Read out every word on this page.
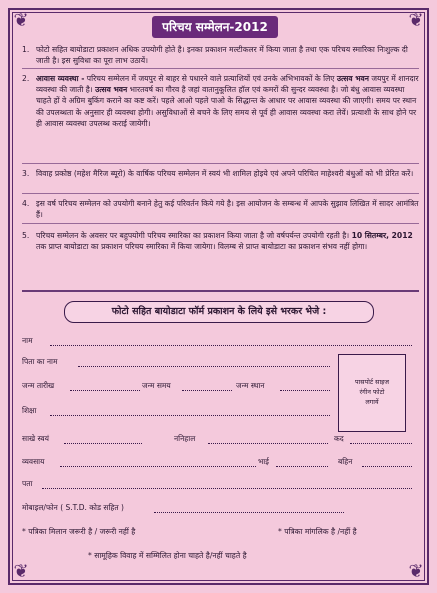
❦	❦
❦	❦
परिचय सम्मेलन-2012
1. फोटो सहित बायोडाटा प्रकाशन अधिक उपयोगी होते है। इनका प्रकाशन मल्टीकलर में किया जाता है तथा एक परिचय स्मारिका निःशुल्क दी जाती है। इस सुविधा का पूरा लाभ उठायें।
2. आवास व्यवस्था - परिचय सम्मेलन में जयपुर से बाहर से पधारने वाले प्रत्याशियों एवं उनके अभिभावकों के लिए उत्सव भवन जयपुर में शानदार व्यवस्था की जाती है। उत्सव भवन भारतवर्ष का गौरव है जहां वातानुकूलित हॉल एवं कमरों की सुन्दर व्यवस्था है। जो बंधु आवास व्यवस्था चाहते हों वे अग्रिम बुकिंग कराने का कष्ट करें। पहले आओ पहले पाओ के सिद्धान्त के आधार पर आवास व्यवस्था की जाएगी। समय पर स्थान की उपलब्धता के अनुसार ही व्यवस्था होगी। असुविधाओं से बचने के लिए समय से पूर्व ही आवास व्यवस्था करा लेवें। प्रत्याशी के साथ होने पर ही आवास व्यवस्था उपलब्ध कराई जायेगी।
3. विवाह प्रकोष्ठ (महेश मैरिज ब्यूरो) के वार्षिक परिचय सम्मेलन में स्वयं भी शामिल होइये एवं अपने परिचित माहेश्वरी बंधुओं को भी प्रेरित करें।
4. इस वर्ष परिचय सम्मेलन को उपयोगी बनाने हेतु कई परिवर्तन किये गये है। इस आयोजन के सम्बन्ध में आपके सुझाव लिखित में सादर आमंत्रित हैं।
5. परिचय सम्मेलन के अवसर पर बहुपयोगी परिचय स्मारिका का प्रकाशन किया जाता है जो वर्षपर्यन्त उपयोगी रहती है। 10 सितम्बर, 2012 तक प्राप्त बायोडाटा का प्रकाशन परिचय स्मारिका में किया जायेगा। विलम्ब से प्राप्त बायोडाटा का प्रकाशन संभव नहीं होगा।
फोटो सहित बायोडाटा फॉर्म प्रकाशन के लिये इसे भरकर भेजे :
नाम
पिता का नाम
जन्म तारीख	जन्म समय	जन्म स्थान
शिक्षा
पासपोर्ट साइज
रंगीन फोटो
लगायें
साखे स्वयं	ननिहाल	कद
व्यवसाय	भाई	बहिन
पता
मोबाइल/फोन ( S.T.D. कोड सहित )
* पत्रिका मिलान जरूरी है / जरूरी नहीं है	* पत्रिका मांगलिक है /नहीं है
* सामूहिक विवाह में सम्मिलित होना चाहते है/नहीं चाहते है
